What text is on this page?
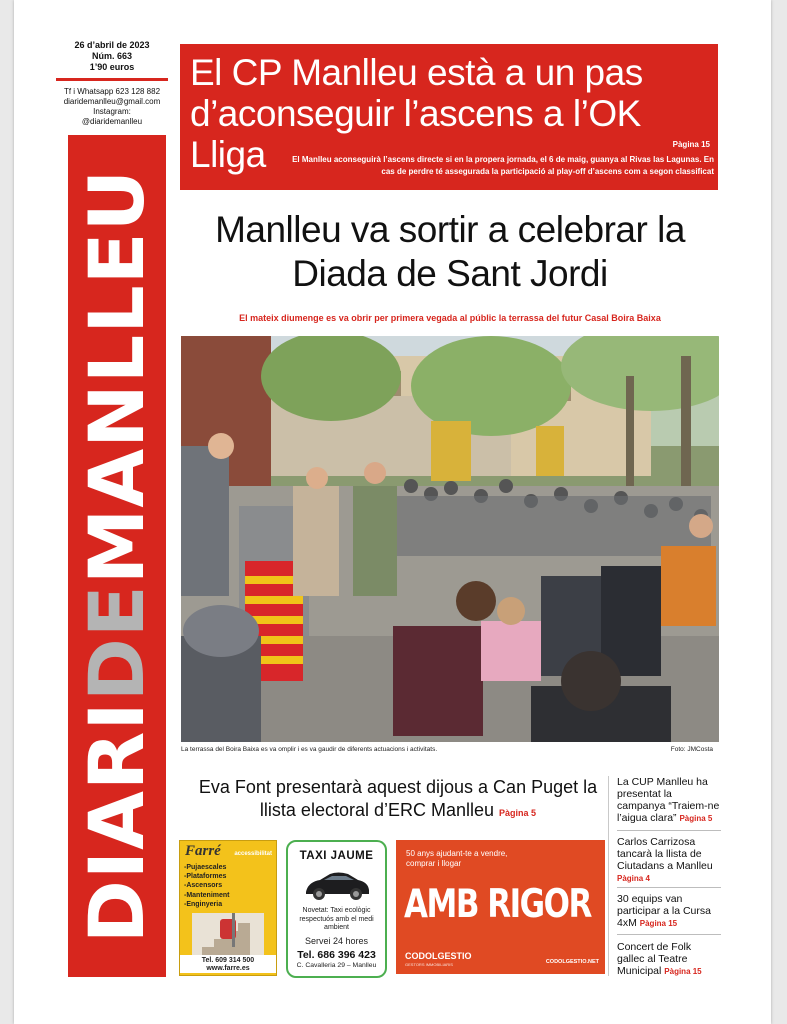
26 d’abril de 2023
Núm. 663
1’90 euros
Tf i Whatsapp 623 128 882
diaridemanlleu@gmail.com
Instagram:
@diaridemanlleu
DIARIDEMANLLEU
El CP Manlleu està a un pas d’aconseguir l’ascens a l’OK Lliga	Pàgina 15
El Manlleu aconseguirà l’ascens directe si en la propera jornada, el 6 de maig, guanya al Rivas las Lagunas. En cas de perdre té assegurada la participació al play-off d’ascens com a segon classificat
Manlleu va sortir a celebrar la Diada de Sant Jordi
El mateix diumenge es va obrir per primera vegada al públic la terrassa del futur Casal Boira Baixa
La terrassa del Boira Baixa es va omplir i es va gaudir de diferents actuacions i activitats.	Foto: JMCosta
Eva Font presentarà aquest dijous a Can Puget la llista electoral d’ERC Manlleu Pàgina 5
La CUP Manlleu ha presentat la campanya “Traiem-ne l’aigua clara” Pàgina 5
Carlos Carrizosa tancarà la llista de Ciutadans a Manlleu Pàgina 4
30 equips van participar a la Cursa 4xM Pàgina 15
Concert de Folk gallec al Teatre Municipal Pàgina 15
Farré accessibilitat
-Pujaescales
-Plataformes
-Ascensors
-Manteniment
-Enginyeria
Tel. 609 314 500
www.farre.es
TAXI JAUME
Novetat: Taxi ecològic respectuós amb el medi ambient
Servei 24 hores
Tel. 686 396 423
C. Cavalleria 29 – Manlleu
50 anys ajudant-te a vendre, comprar i llogar
AMB RIGOR
CODOLGESTIO
GESTORS IMMOBILIARIS	CODOLGESTIO.NET
